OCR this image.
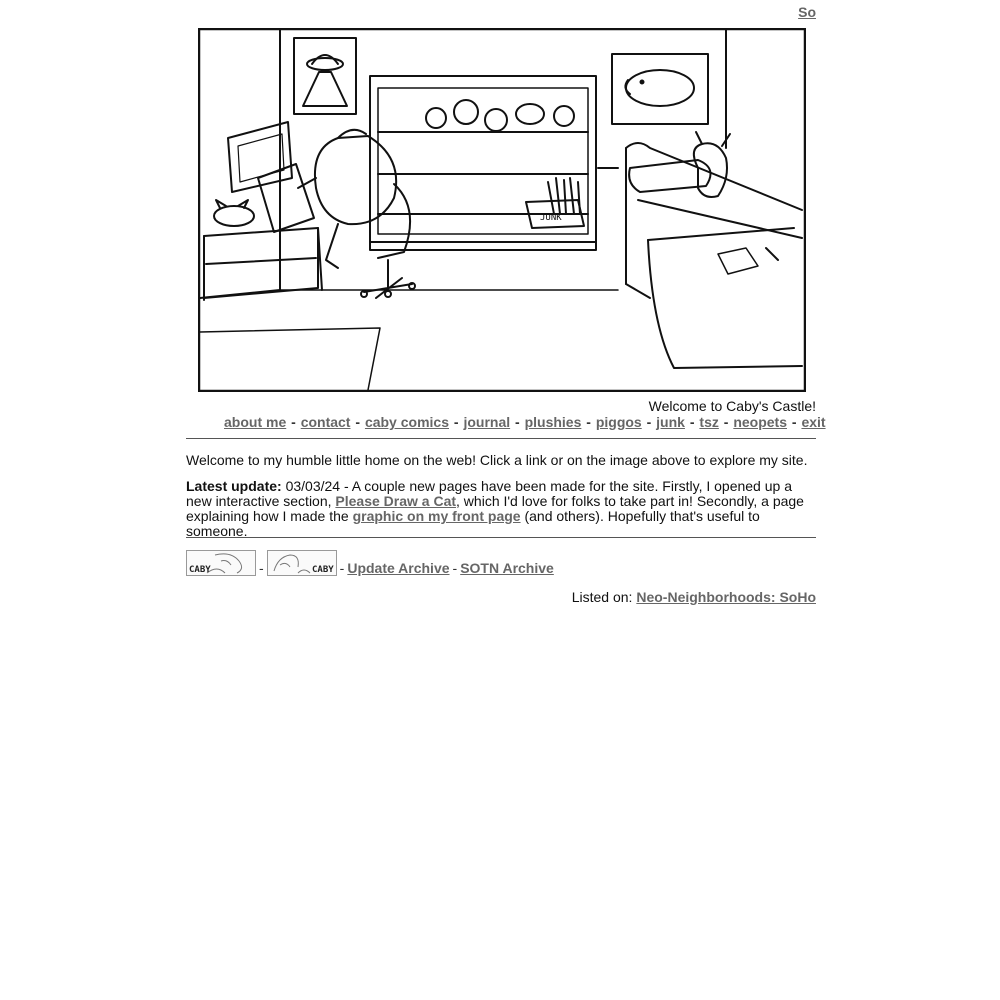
So
JUNK
Welcome to Caby's Castle!
about me - contact - caby comics - journal - plushies - piggos - junk - tsz - neopets - exit
Welcome to my humble little home on the web! Click a link or on the image above to explore my site.
Latest update: 03/03/24 - A couple new pages have been made for the site. Firstly, I opened up a new interactive section, Please Draw a Cat, which I'd love for folks to take part in! Secondly, a page explaining how I made the graphic on my front page (and others). Hopefully that's useful to someone.
CABY	-	CABY - Update Archive - SOTN Archive
Listed on: Neo-Neighborhoods: SoHo
